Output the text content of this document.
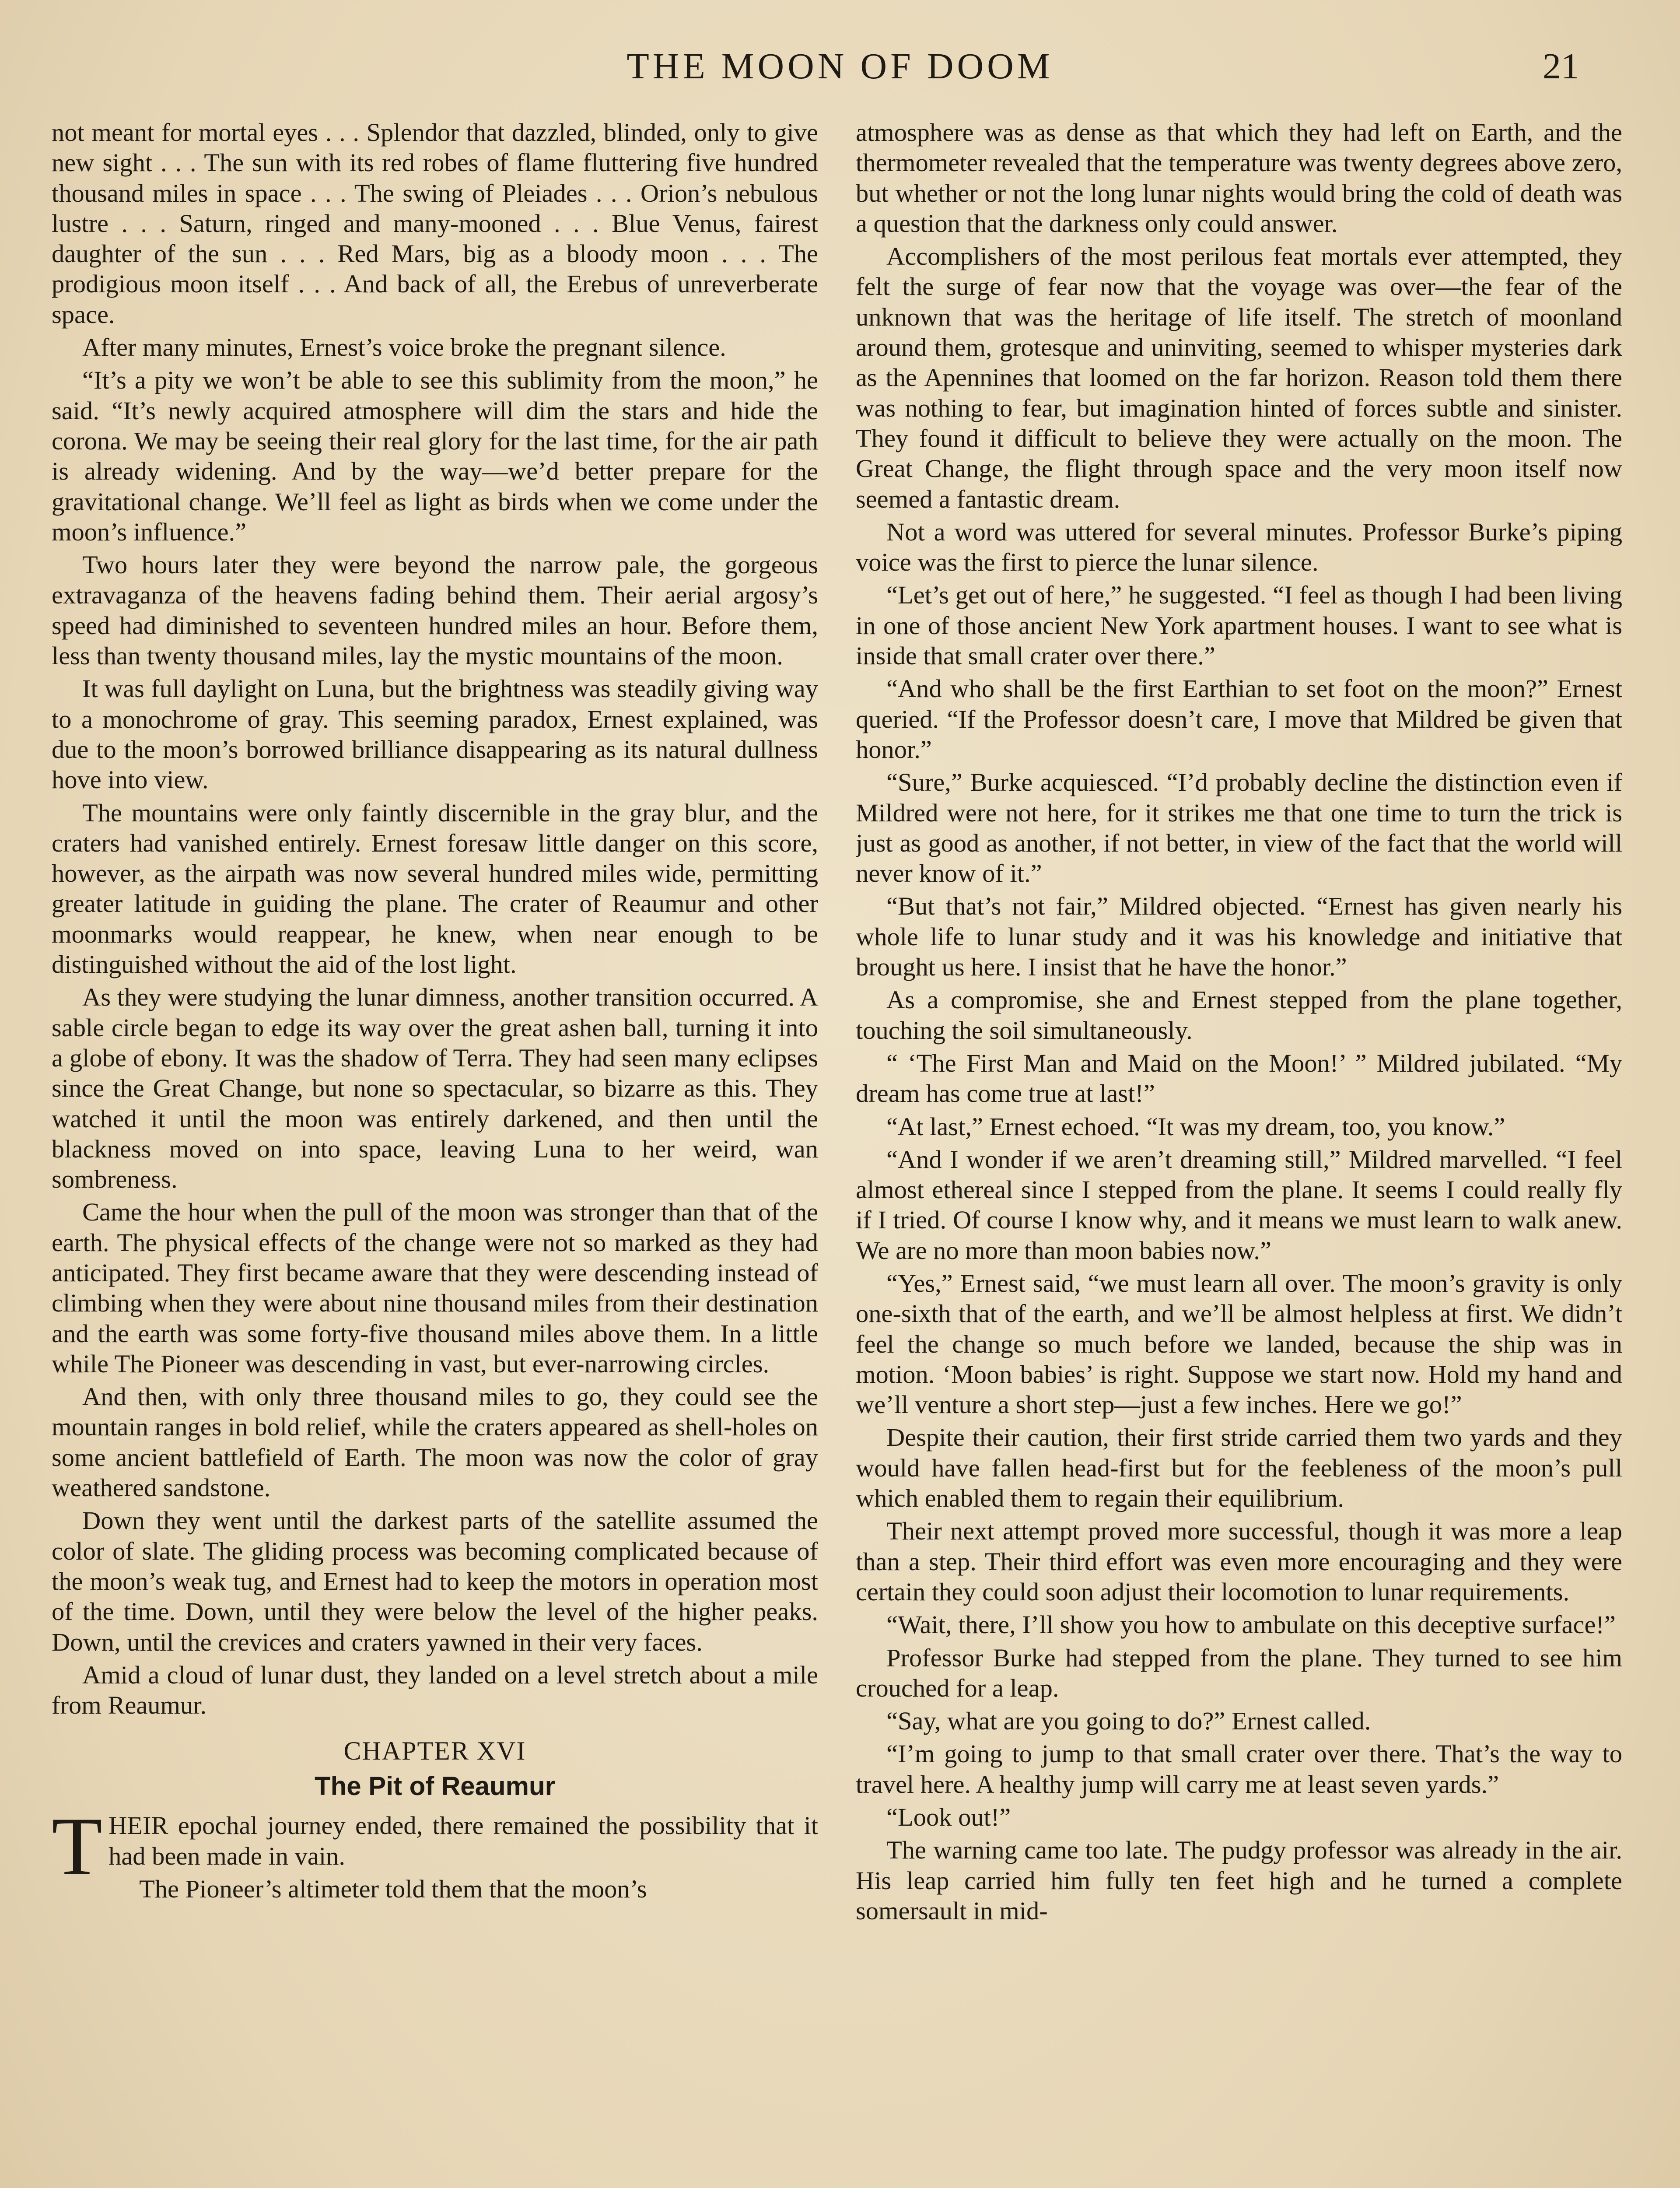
THE MOON OF DOOM	21

not meant for mortal eyes . . . Splendor that dazzled, blinded, only to give new sight . . . The sun with its red robes of flame fluttering five hundred thousand miles in space . . . The swing of Pleiades . . . Orion’s nebulous lustre . . . Saturn, ringed and many-mooned . . . Blue Venus, fairest daughter of the sun . . . Red Mars, big as a bloody moon . . . The prodigious moon itself . . . And back of all, the Erebus of unreverberate space.

After many minutes, Ernest’s voice broke the pregnant silence.

“It’s a pity we won’t be able to see this sublimity from the moon,” he said. “It’s newly acquired atmosphere will dim the stars and hide the corona. We may be seeing their real glory for the last time, for the air path is already widening. And by the way—we’d better prepare for the gravitational change. We’ll feel as light as birds when we come under the moon’s influence.”

Two hours later they were beyond the narrow pale, the gorgeous extravaganza of the heavens fading behind them. Their aerial argosy’s speed had diminished to seventeen hundred miles an hour. Before them, less than twenty thousand miles, lay the mystic mountains of the moon.

It was full daylight on Luna, but the brightness was steadily giving way to a monochrome of gray. This seeming paradox, Ernest explained, was due to the moon’s borrowed brilliance disappearing as its natural dullness hove into view.

The mountains were only faintly discernible in the gray blur, and the craters had vanished entirely. Ernest foresaw little danger on this score, however, as the airpath was now several hundred miles wide, permitting greater latitude in guiding the plane. The crater of Reaumur and other moonmarks would reappear, he knew, when near enough to be distinguished without the aid of the lost light.

As they were studying the lunar dimness, another transition occurred. A sable circle began to edge its way over the great ashen ball, turning it into a globe of ebony. It was the shadow of Terra. They had seen many eclipses since the Great Change, but none so spectacular, so bizarre as this. They watched it until the moon was entirely darkened, and then until the blackness moved on into space, leaving Luna to her weird, wan sombreness.

Came the hour when the pull of the moon was stronger than that of the earth. The physical effects of the change were not so marked as they had anticipated. They first became aware that they were descending instead of climbing when they were about nine thousand miles from their destination and the earth was some forty-five thousand miles above them. In a little while The Pioneer was descending in vast, but ever-narrowing circles.

And then, with only three thousand miles to go, they could see the mountain ranges in bold relief, while the craters appeared as shell-holes on some ancient battlefield of Earth. The moon was now the color of gray weathered sandstone.

Down they went until the darkest parts of the satellite assumed the color of slate. The gliding process was becoming complicated because of the moon’s weak tug, and Ernest had to keep the motors in operation most of the time. Down, until they were below the level of the higher peaks. Down, until the crevices and craters yawned in their very faces.

Amid a cloud of lunar dust, they landed on a level stretch about a mile from Reaumur.

CHAPTER XVI
The Pit of Reaumur

THEIR epochal journey ended, there remained the possibility that it had been made in vain.

The Pioneer’s altimeter told them that the moon’s

atmosphere was as dense as that which they had left on Earth, and the thermometer revealed that the temperature was twenty degrees above zero, but whether or not the long lunar nights would bring the cold of death was a question that the darkness only could answer.

Accomplishers of the most perilous feat mortals ever attempted, they felt the surge of fear now that the voyage was over—the fear of the unknown that was the heritage of life itself. The stretch of moonland around them, grotesque and uninviting, seemed to whisper mysteries dark as the Apennines that loomed on the far horizon. Reason told them there was nothing to fear, but imagination hinted of forces subtle and sinister. They found it difficult to believe they were actually on the moon. The Great Change, the flight through space and the very moon itself now seemed a fantastic dream.

Not a word was uttered for several minutes. Professor Burke’s piping voice was the first to pierce the lunar silence.

“Let’s get out of here,” he suggested. “I feel as though I had been living in one of those ancient New York apartment houses. I want to see what is inside that small crater over there.”

“And who shall be the first Earthian to set foot on the moon?” Ernest queried. “If the Professor doesn’t care, I move that Mildred be given that honor.”

“Sure,” Burke acquiesced. “I’d probably decline the distinction even if Mildred were not here, for it strikes me that one time to turn the trick is just as good as another, if not better, in view of the fact that the world will never know of it.”

“But that’s not fair,” Mildred objected. “Ernest has given nearly his whole life to lunar study and it was his knowledge and initiative that brought us here. I insist that he have the honor.”

As a compromise, she and Ernest stepped from the plane together, touching the soil simultaneously.

“ ‘The First Man and Maid on the Moon!’ ” Mildred jubilated. “My dream has come true at last!”

“At last,” Ernest echoed. “It was my dream, too, you know.”

“And I wonder if we aren’t dreaming still,” Mildred marvelled. “I feel almost ethereal since I stepped from the plane. It seems I could really fly if I tried. Of course I know why, and it means we must learn to walk anew. We are no more than moon babies now.”

“Yes,” Ernest said, “we must learn all over. The moon’s gravity is only one-sixth that of the earth, and we’ll be almost helpless at first. We didn’t feel the change so much before we landed, because the ship was in motion. ‘Moon babies’ is right. Suppose we start now. Hold my hand and we’ll venture a short step—just a few inches. Here we go!”

Despite their caution, their first stride carried them two yards and they would have fallen head-first but for the feebleness of the moon’s pull which enabled them to regain their equilibrium.

Their next attempt proved more successful, though it was more a leap than a step. Their third effort was even more encouraging and they were certain they could soon adjust their locomotion to lunar requirements.

“Wait, there, I’ll show you how to ambulate on this deceptive surface!”

Professor Burke had stepped from the plane. They turned to see him crouched for a leap.

“Say, what are you going to do?” Ernest called.

“I’m going to jump to that small crater over there. That’s the way to travel here. A healthy jump will carry me at least seven yards.”

“Look out!”

The warning came too late. The pudgy professor was already in the air. His leap carried him fully ten feet high and he turned a complete somersault in mid-
